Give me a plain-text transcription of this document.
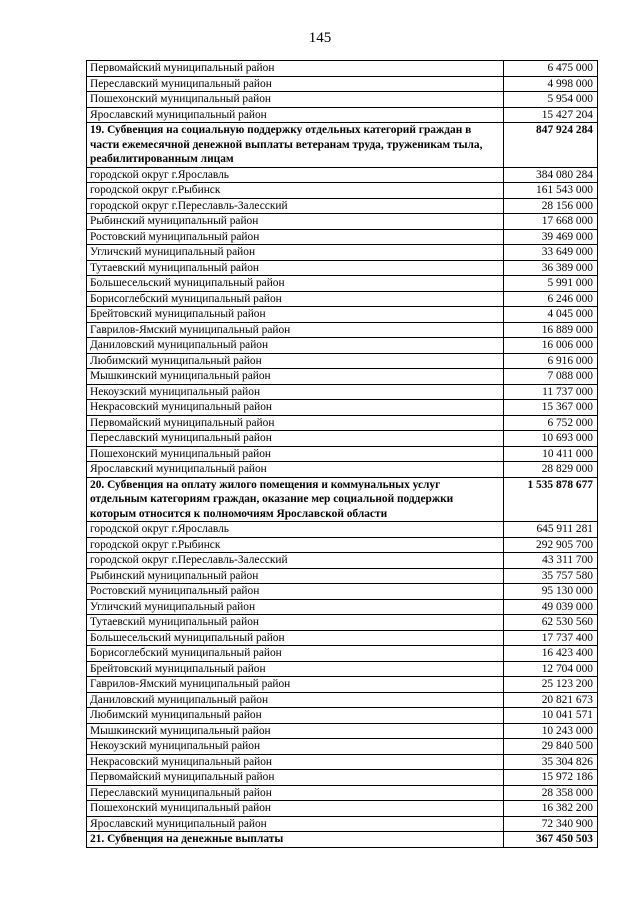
145
Первомайский муниципальный район	6 475 000
Переславский муниципальный район	4 998 000
Пошехонский муниципальный район	5 954 000
Ярославский муниципальный район	15 427 204
19. Субвенция на социальную поддержку отдельных категорий граждан в части ежемесячной денежной выплаты ветеранам труда, труженикам тыла, реабилитированным лицам	847 924 284
городской округ г.Ярославль	384 080 284
городской округ г.Рыбинск	161 543 000
городской округ г.Переславль-Залесский	28 156 000
Рыбинский муниципальный район	17 668 000
Ростовский муниципальный район	39 469 000
Угличский муниципальный район	33 649 000
Тутаевский муниципальный район	36 389 000
Большесельский муниципальный район	5 991 000
Борисоглебский муниципальный район	6 246 000
Брейтовский муниципальный район	4 045 000
Гаврилов-Ямский муниципальный район	16 889 000
Даниловский муниципальный район	16 006 000
Любимский муниципальный район	6 916 000
Мышкинский муниципальный район	7 088 000
Некоузский муниципальный район	11 737 000
Некрасовский муниципальный район	15 367 000
Первомайский муниципальный район	6 752 000
Переславский муниципальный район	10 693 000
Пошехонский муниципальный район	10 411 000
Ярославский муниципальный район	28 829 000
20. Субвенция на оплату жилого помещения и коммунальных услуг отдельным категориям граждан, оказание мер социальной поддержки которым относится к полномочиям Ярославской области	1 535 878 677
городской округ г.Ярославль	645 911 281
городской округ г.Рыбинск	292 905 700
городской округ г.Переславль-Залесский	43 311 700
Рыбинский муниципальный район	35 757 580
Ростовский муниципальный район	95 130 000
Угличский муниципальный район	49 039 000
Тутаевский муниципальный район	62 530 560
Большесельский муниципальный район	17 737 400
Борисоглебский муниципальный район	16 423 400
Брейтовский муниципальный район	12 704 000
Гаврилов-Ямский муниципальный район	25 123 200
Даниловский муниципальный район	20 821 673
Любимский муниципальный район	10 041 571
Мышкинский муниципальный район	10 243 000
Некоузский муниципальный район	29 840 500
Некрасовский муниципальный район	35 304 826
Первомайский муниципальный район	15 972 186
Переславский муниципальный район	28 358 000
Пошехонский муниципальный район	16 382 200
Ярославский муниципальный район	72 340 900
21. Субвенция на денежные выплаты	367 450 503
